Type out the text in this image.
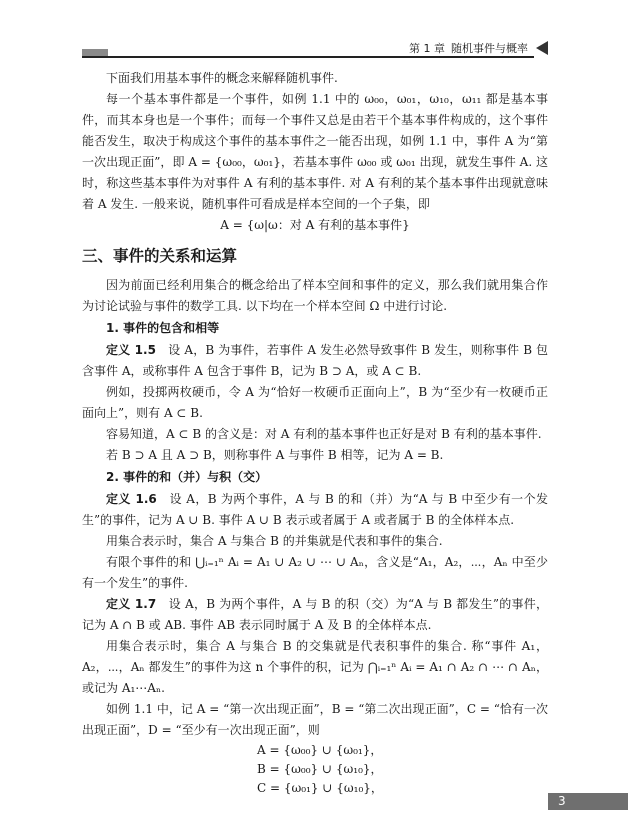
第 1 章 随机事件与概率

下面我们用基本事件的概念来解释随机事件.

每一个基本事件都是一个事件，如例 1.1 中的 ω₀₀，ω₀₁，ω₁₀，ω₁₁ 都是基本事件，而其本身也是一个事件；而每一个事件又总是由若干个基本事件构成的，这个事件能否发生，取决于构成这个事件的基本事件之一能否出现，如例 1.1 中，事件 A 为“第一次出现正面”，即 A = {ω₀₀，ω₀₁}，若基本事件 ω₀₀ 或 ω₀₁ 出现，就发生事件 A. 这时，称这些基本事件为对事件 A 有利的基本事件. 对 A 有利的某个基本事件出现就意味着 A 发生. 一般来说，随机事件可看成是样本空间的一个子集，即

A = {ω|ω：对 A 有利的基本事件}

三、事件的关系和运算

因为前面已经利用集合的概念给出了样本空间和事件的定义，那么我们就用集合作为讨论试验与事件的数学工具. 以下均在一个样本空间 Ω 中进行讨论.

1. 事件的包含和相等

定义 1.5　 设 A，B 为事件，若事件 A 发生必然导致事件 B 发生，则称事件 B 包含事件 A，或称事件 A 包含于事件 B，记为 B ⊃ A，或 A ⊂ B.

例如，投掷两枚硬币，令 A 为“恰好一枚硬币正面向上”，B 为“至少有一枚硬币正面向上”，则有 A ⊂ B.

容易知道，A ⊂ B 的含义是：对 A 有利的基本事件也正好是对 B 有利的基本事件.

若 B ⊃ A 且 A ⊃ B，则称事件 A 与事件 B 相等，记为 A = B.

2. 事件的和（并）与积（交）

定义 1.6　 设 A，B 为两个事件，A 与 B 的和（并）为“A 与 B 中至少有一个发生”的事件，记为 A ∪ B. 事件 A ∪ B 表示或者属于 A 或者属于 B 的全体样本点.

用集合表示时，集合 A 与集合 B 的并集就是代表和事件的集合.

有限个事件的和 ⋃ᵢ₌₁ⁿ Aᵢ = A₁ ∪ A₂ ∪ ⋯ ∪ Aₙ，含义是“A₁，A₂，⋯，Aₙ 中至少有一个发生”的事件.

定义 1.7　 设 A，B 为两个事件，A 与 B 的积（交）为“A 与 B 都发生”的事件，记为 A ∩ B 或 AB. 事件 AB 表示同时属于 A 及 B 的全体样本点.

用集合表示时，集合 A 与集合 B 的交集就是代表积事件的集合. 称“事件 A₁，A₂，⋯，Aₙ 都发生”的事件为这 n 个事件的积，记为 ⋂ᵢ₌₁ⁿ Aᵢ = A₁ ∩ A₂ ∩ ⋯ ∩ Aₙ，或记为 A₁⋯Aₙ.

如例 1.1 中，记 A = “第一次出现正面”，B = “第二次出现正面”，C = “恰有一次出现正面”，D = “至少有一次出现正面”，则

A = {ω₀₀} ∪ {ω₀₁}，

B = {ω₀₀} ∪ {ω₁₀}，

C = {ω₀₁} ∪ {ω₁₀}，

3
